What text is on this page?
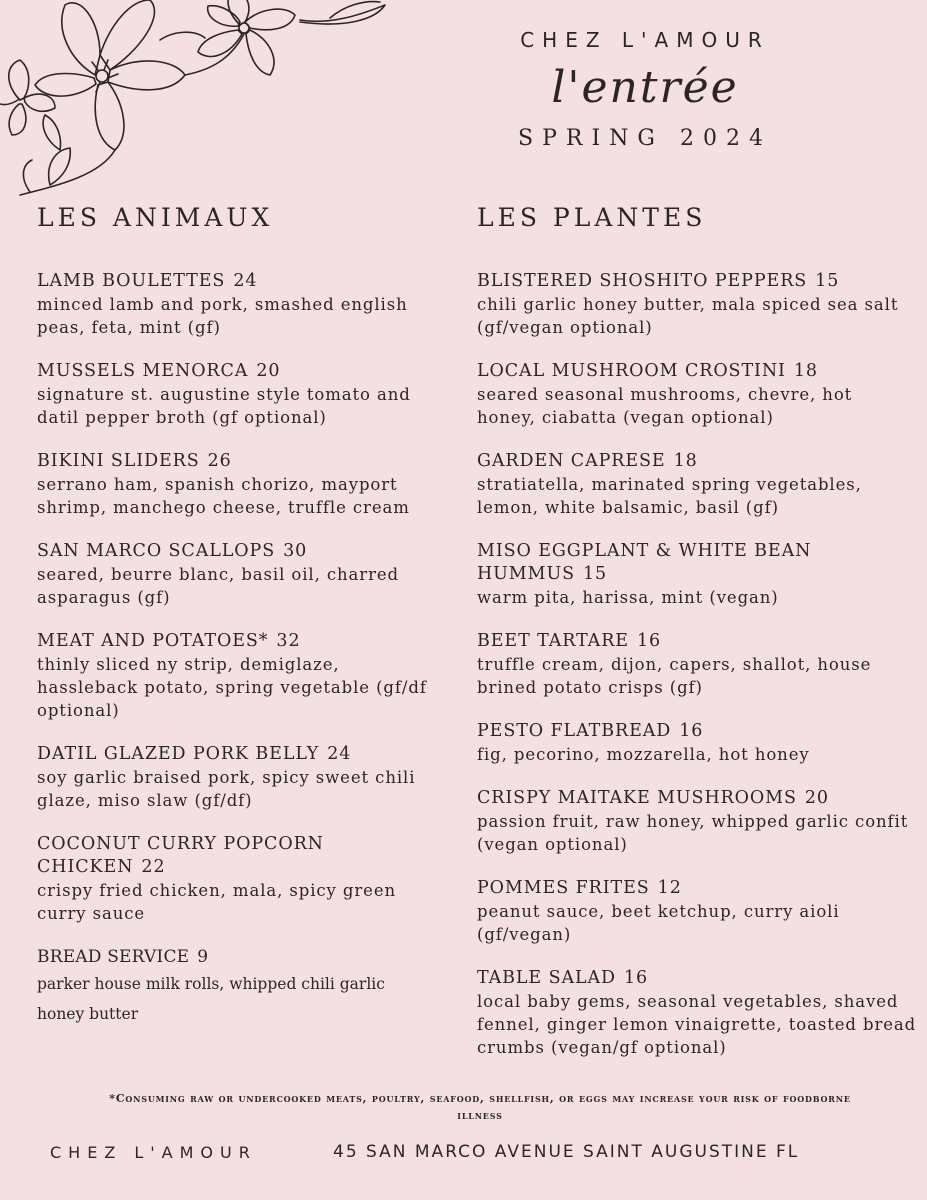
CHEZ L'AMOUR
l'entrée
SPRING 2024
LES ANIMAUX
LAMB BOULETTES 24
minced lamb and pork, smashed english peas, feta, mint (gf)
MUSSELS MENORCA 20
signature st. augustine style tomato and datil pepper broth (gf optional)
BIKINI SLIDERS 26
serrano ham, spanish chorizo, mayport shrimp, manchego cheese, truffle cream
SAN MARCO SCALLOPS 30
seared, beurre blanc, basil oil, charred asparagus (gf)
MEAT AND POTATOES* 32
thinly sliced ny strip, demiglaze, hassleback potato, spring vegetable (gf/df optional)
DATIL GLAZED PORK BELLY 24
soy garlic braised pork, spicy sweet chili glaze, miso slaw (gf/df)
COCONUT CURRY POPCORN CHICKEN 22
crispy fried chicken, mala, spicy green curry sauce
BREAD SERVICE 9
parker house milk rolls, whipped chili garlic honey butter
LES PLANTES
BLISTERED SHOSHITO PEPPERS 15
chili garlic honey butter, mala spiced sea salt (gf/vegan optional)
LOCAL MUSHROOM CROSTINI 18
seared seasonal mushrooms, chevre, hot honey, ciabatta (vegan optional)
GARDEN CAPRESE 18
stratiatella, marinated spring vegetables, lemon, white balsamic, basil (gf)
MISO EGGPLANT & WHITE BEAN HUMMUS 15
warm pita, harissa, mint (vegan)
BEET TARTARE 16
truffle cream, dijon, capers, shallot, house brined potato crisps (gf)
PESTO FLATBREAD 16
fig, pecorino, mozzarella, hot honey
CRISPY MAITAKE MUSHROOMS 20
passion fruit, raw honey, whipped garlic confit (vegan optional)
POMMES FRITES 12
peanut sauce, beet ketchup, curry aioli (gf/vegan)
TABLE SALAD 16
local baby gems, seasonal vegetables, shaved fennel, ginger lemon vinaigrette, toasted bread crumbs (vegan/gf optional)
*Consuming raw or undercooked meats, poultry, seafood, shellfish, or eggs may increase your risk of foodborne illness
CHEZ L'AMOUR	45 SAN MARCO AVENUE SAINT AUGUSTINE FL
